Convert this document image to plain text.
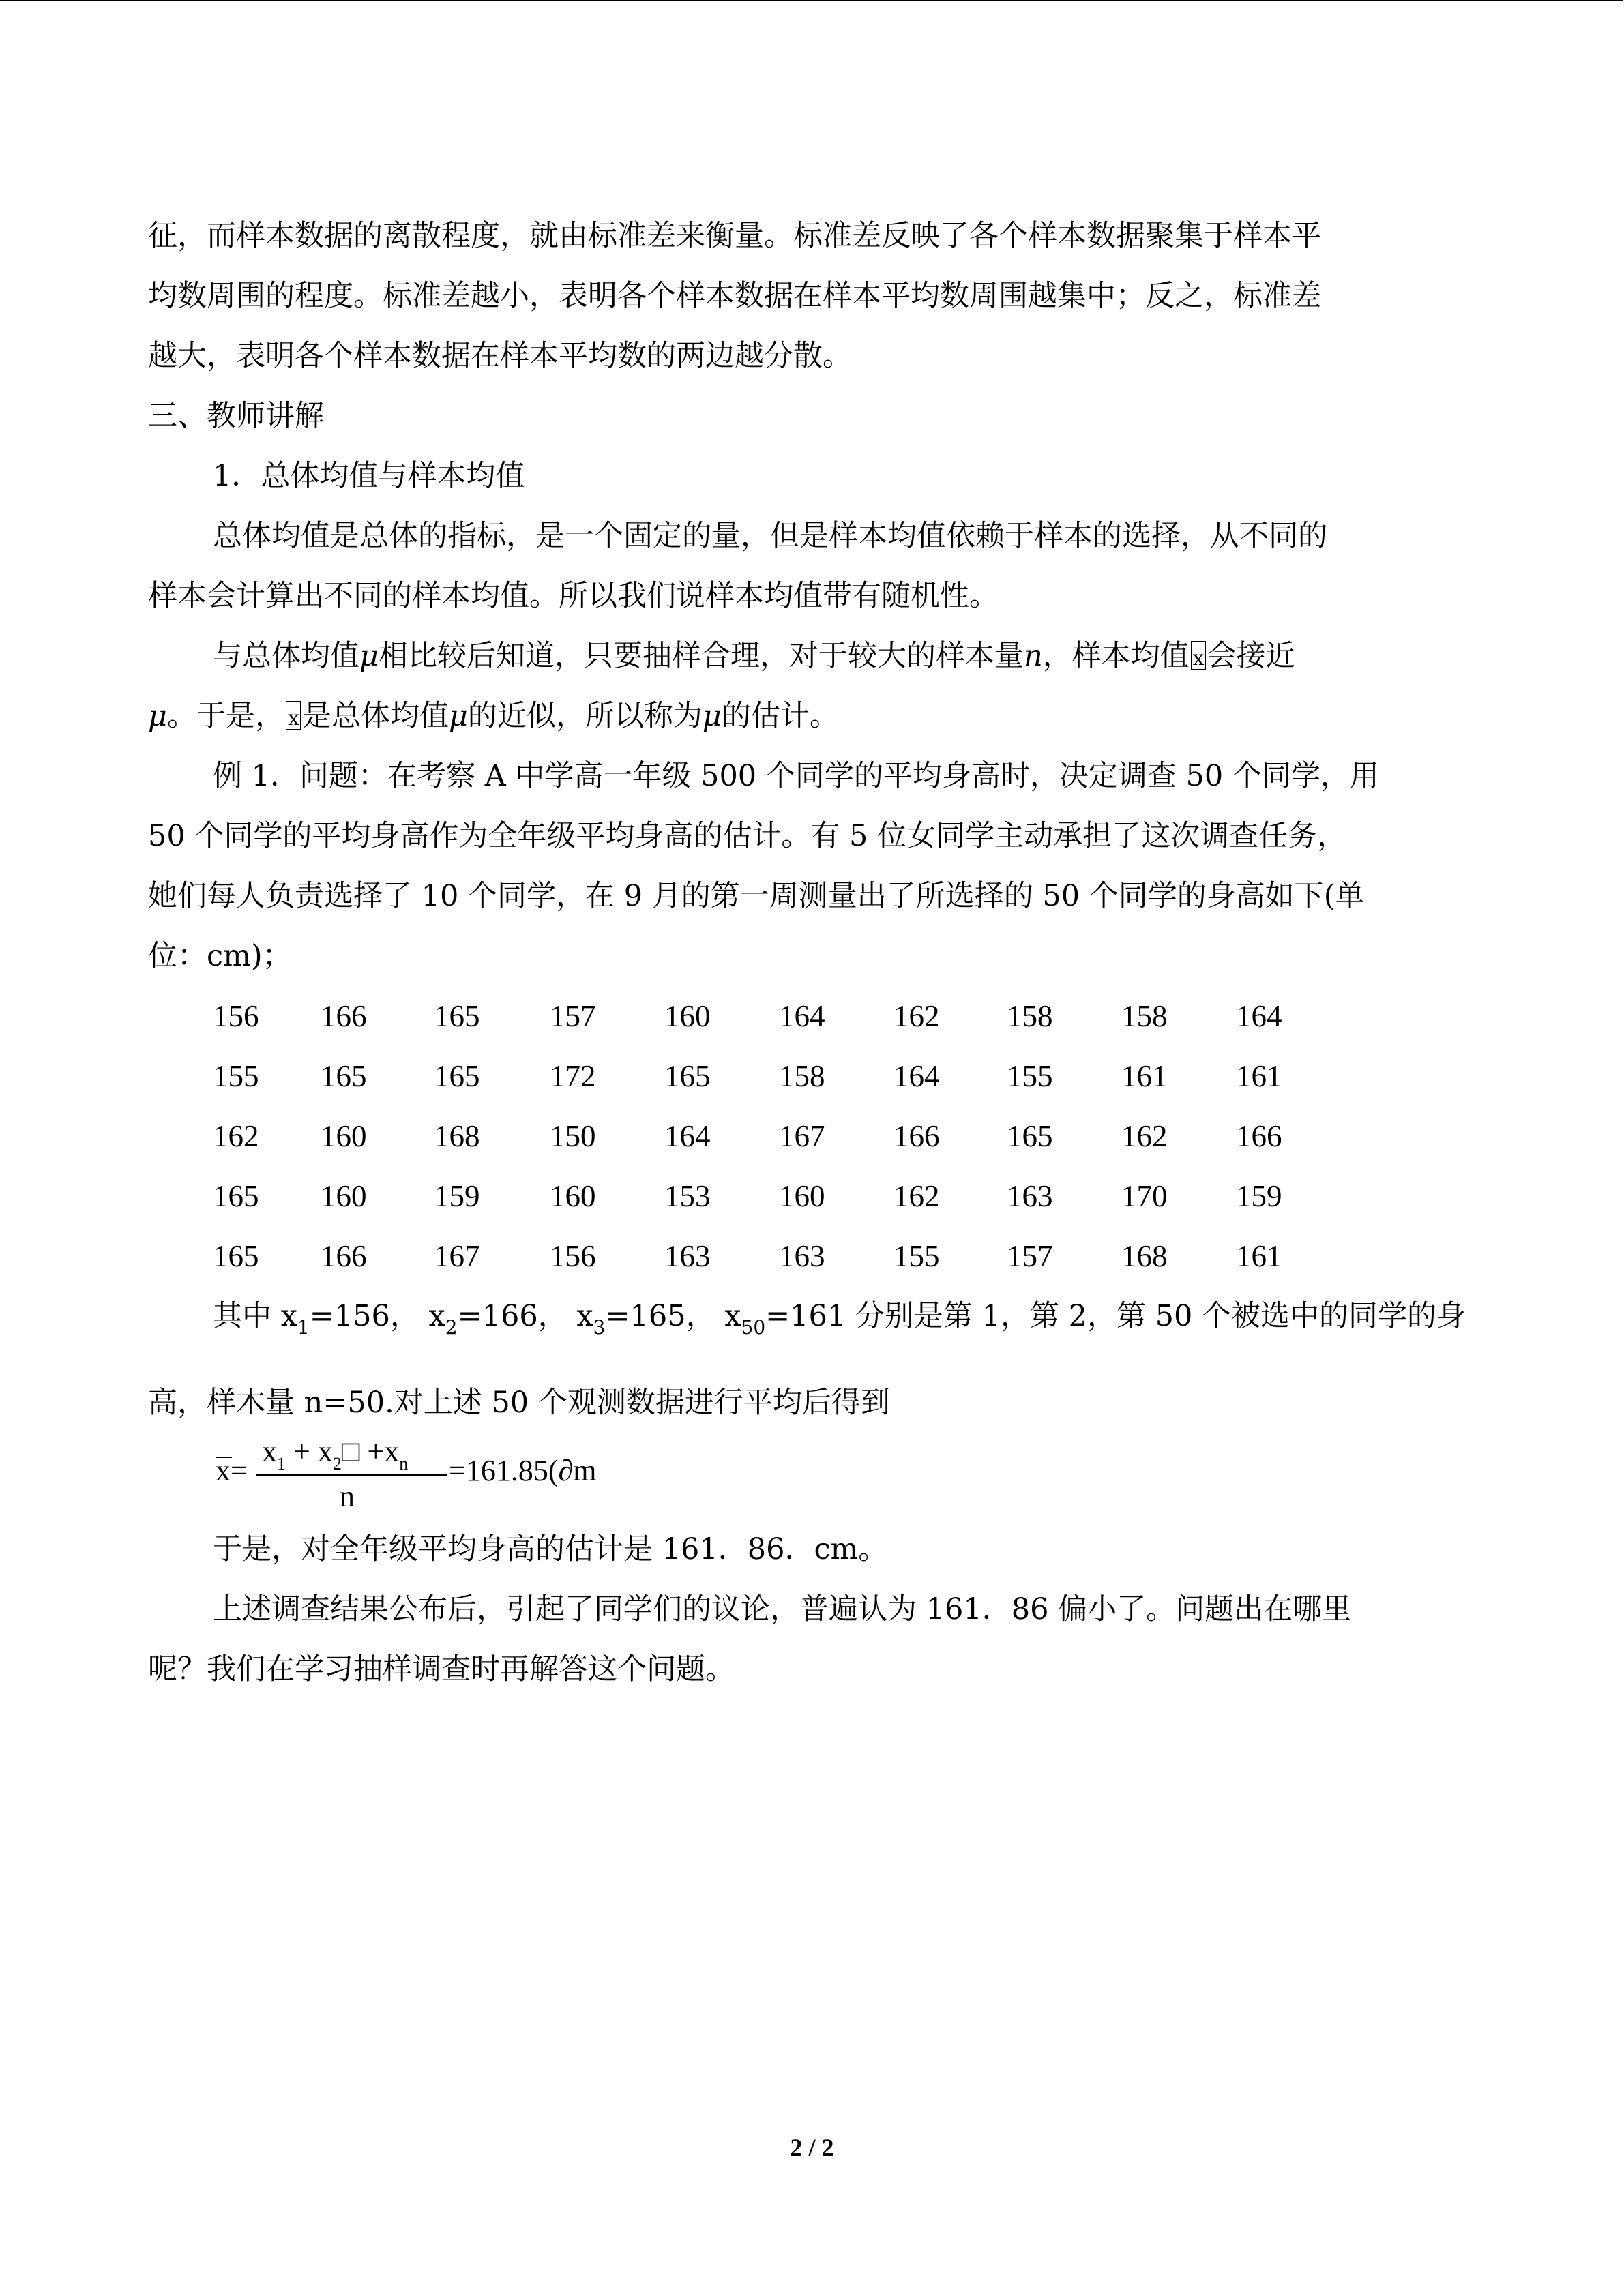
征，而样本数据的离散程度，就由标准差来衡量。标准差反映了各个样本数据聚集于样本平
均数周围的程度。标准差越小，表明各个样本数据在样本平均数周围越集中；反之，标准差
越大，表明各个样本数据在样本平均数的两边越分散。
三、教师讲解
1．总体均值与样本均值
总体均值是总体的指标，是一个固定的量，但是样本均值依赖于样本的选择，从不同的
样本会计算出不同的样本均值。所以我们说样本均值带有随机性。
与总体均值μ相比较后知道，只要抽样合理，对于较大的样本量n，样本均值 x 会接近
μ。于是， x 是总体均值μ的近似，所以称为μ的估计。
例 1．问题：在考察 A 中学高一年级 500 个同学的平均身高时，决定调查 50 个同学，用
50 个同学的平均身高作为全年级平均身高的估计。有 5 位女同学主动承担了这次调查任务，
她们每人负责选择了 10 个同学，在 9 月的第一周测量出了所选择的 50 个同学的身高如下(单
位：cm)；
156 166 165 157 160 164 162 158 158 164
155 165 165 172 165 158 164 155 161 161
162 160 168 150 164 167 166 165 162 166
165 160 159 160 153 160 162 163 170 159
165 166 167 156 163 163 155 157 168 161
其中 $x_1=156$， $x_2=166$， $x_3=165$， $x_{50}=161$ 分别是第 1，第 2，第 50 个被选中的同学的身
高，样木量 n=50.对上述 50 个观测数据进行平均后得到
x=
$x_1$ + $x_2□ +x_n$
n
=161.85(∂m
于是，对全年级平均身高的估计是 161．86．cm。
上述调查结果公布后，引起了同学们的议论，普遍认为 161．86 偏小了。问题出在哪里
呢？我们在学习抽样调查时再解答这个问题。
2 / 2
